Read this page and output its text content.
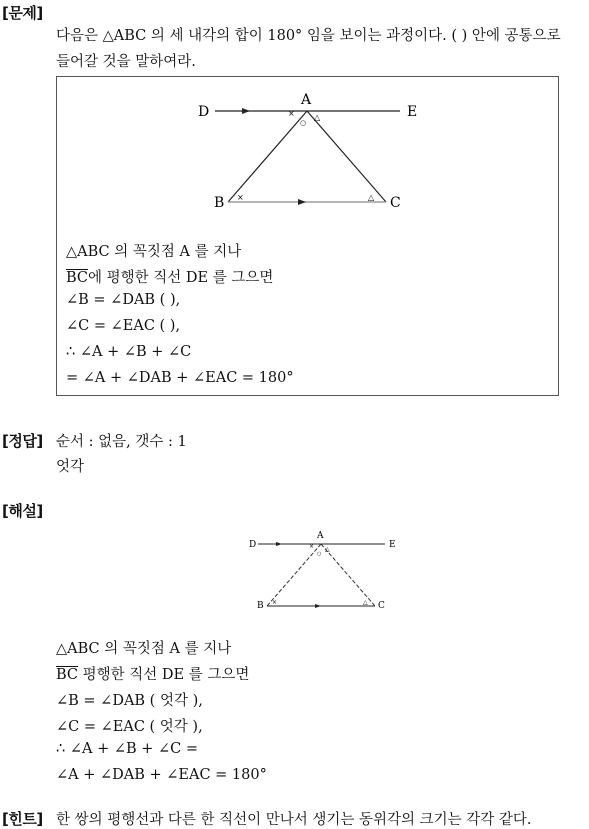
[문제]
다음은 △ABC 의 세 내각의 합이 180° 임을 보이는 과정이다. ( ) 안에 공통으로
들어갈 것을 말하여라.
×
○
△
×	△
D
A
E
B	C
△ABC 의 꼭짓점 A 를 지나
$\overline{BC}$에 평행한 직선 DE 를 그으면
∠B = ∠DAB ( ),
∠C = ∠EAC ( ),
∴ ∠A + ∠B + ∠C
= ∠A + ∠DAB + ∠EAC = 180°
[정답] 순서 : 없음, 갯수 : 1
엇각
[해설]
×
○
△
×	△
D
A
E
B	C
△ABC 의 꼭짓점 A 를 지나
$\overline{BC}$ 평행한 직선 DE 를 그으면
∠B = ∠DAB ( 엇각 ),
∠C = ∠EAC ( 엇각 ),
∴ ∠A + ∠B + ∠C =
∠A + ∠DAB + ∠EAC = 180°
[힌트] 한 쌍의 평행선과 다른 한 직선이 만나서 생기는 동위각의 크기는 각각 같다.
